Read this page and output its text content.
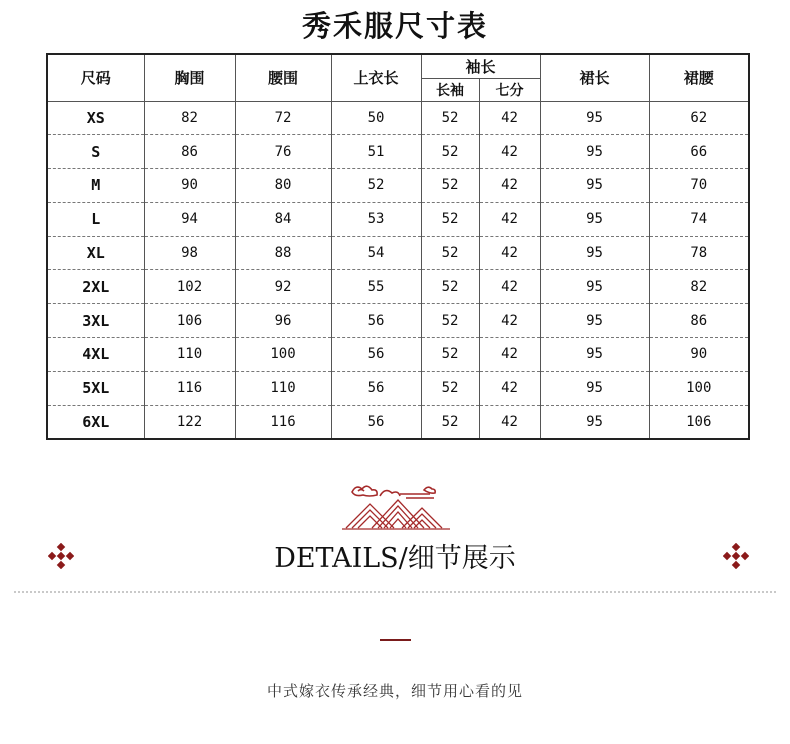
秀禾服尺寸表
尺码	胸围	腰围	上衣长	袖长		裙长	裙腰
				长袖	七分		
XS	82	72	50	52	42	95	62
S	86	76	51	52	42	95	66
M	90	80	52	52	42	95	70
L	94	84	53	52	42	95	74
XL	98	88	54	52	42	95	78
2XL	102	92	55	52	42	95	82
3XL	106	96	56	52	42	95	86
4XL	110	100	56	52	42	95	90
5XL	116	110	56	52	42	95	100
6XL	122	116	56	52	42	95	106
DETAILS/细节展示
中式嫁衣传承经典，细节用心看的见
